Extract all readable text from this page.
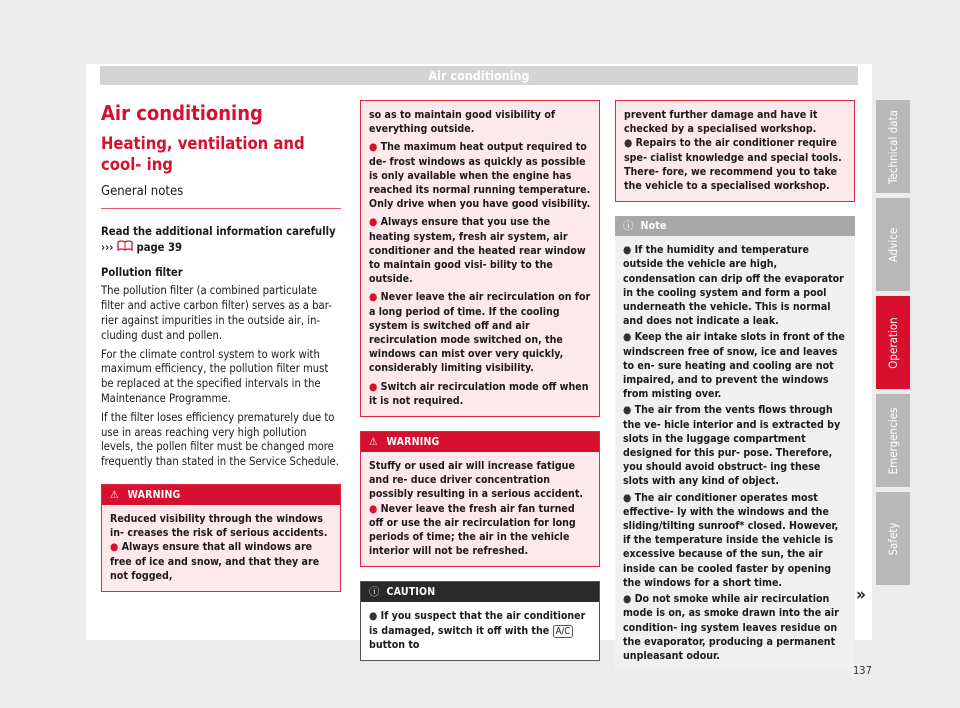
Air conditioning
Air conditioning
Heating, ventilation and cool- ing
General notes

Read the additional information carefully
››› page 39

Pollution filter

The pollution filter (a combined particulate filter and active carbon filter) serves as a bar- rier against impurities in the outside air, in- cluding dust and pollen.

For the climate control system to work with maximum efficiency, the pollution filter must be replaced at the specified intervals in the Maintenance Programme.

If the filter loses efficiency prematurely due to use in areas reaching very high pollution levels, the pollen filter must be changed more frequently than stated in the Service Schedule.

⚠ WARNING
Reduced visibility through the windows in- creases the risk of serious accidents.
● Always ensure that all windows are free of ice and snow, and that they are not fogged,
so as to maintain good visibility of everything outside.
● The maximum heat output required to de- frost windows as quickly as possible is only available when the engine has reached its normal running temperature. Only drive when you have good visibility.
● Always ensure that you use the heating system, fresh air system, air conditioner and the heated rear window to maintain good visi- bility to the outside.
● Never leave the air recirculation on for a long period of time. If the cooling system is switched off and air recirculation mode switched on, the windows can mist over very quickly, considerably limiting visibility.
● Switch air recirculation mode off when it is not required.
⚠ WARNING
Stuffy or used air will increase fatigue and re- duce driver concentration possibly resulting in a serious accident.
● Never leave the fresh air fan turned off or use the air recirculation for long periods of time; the air in the vehicle interior will not be refreshed.
ⓘ CAUTION
● If you suspect that the air conditioner is damaged, switch it off with the A/C button to
prevent further damage and have it checked by a specialised workshop.
● Repairs to the air conditioner require spe- cialist knowledge and special tools. There- fore, we recommend you to take the vehicle to a specialised workshop.
ⓘ Note
● If the humidity and temperature outside the vehicle are high, condensation can drip off the evaporator in the cooling system and form a pool underneath the vehicle. This is normal and does not indicate a leak.
● Keep the air intake slots in front of the windscreen free of snow, ice and leaves to en- sure heating and cooling are not impaired, and to prevent the windows from misting over.
● The air from the vents flows through the ve- hicle interior and is extracted by slots in the luggage compartment designed for this pur- pose. Therefore, you should avoid obstruct- ing these slots with any kind of object.
● The air conditioner operates most effective- ly with the windows and the sliding/tilting sunroof* closed. However, if the temperature inside the vehicle is excessive because of the sun, the air inside can be cooled faster by opening the windows for a short time.
● Do not smoke while air recirculation mode is on, as smoke drawn into the air condition- ing system leaves residue on the evaporator, producing a permanent unpleasant odour.
»
Technical data
Advice
Operation
Emergencies
Safety
137
